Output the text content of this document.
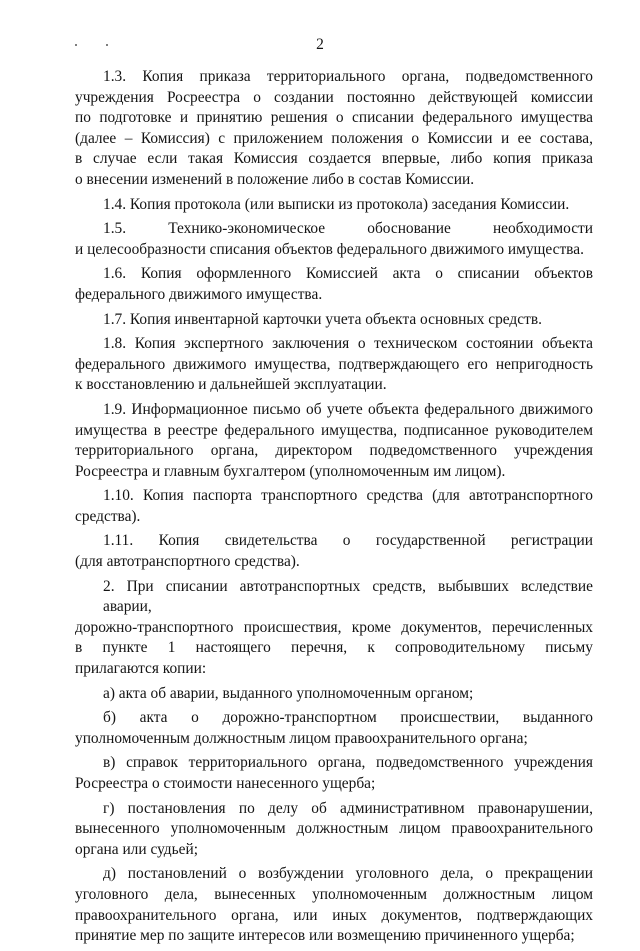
2
1.3. Копия приказа территориального органа, подведомственного
учреждения Росреестра о создании постоянно действующей комиссии
по подготовке и принятию решения о списании федерального имущества
(далее – Комиссия) с приложением положения о Комиссии и ее состава,
в случае если такая Комиссия создается впервые, либо копия приказа
о внесении изменений в положение либо в состав Комиссии.
1.4. Копия протокола (или выписки из протокола) заседания Комиссии.
1.5. Технико-экономическое обоснование необходимости
и целесообразности списания объектов федерального движимого имущества.
1.6. Копия оформленного Комиссией акта о списании объектов
федерального движимого имущества.
1.7. Копия инвентарной карточки учета объекта основных средств.
1.8. Копия экспертного заключения о техническом состоянии объекта
федерального движимого имущества, подтверждающего его непригодность
к восстановлению и дальнейшей эксплуатации.
1.9. Информационное письмо об учете объекта федерального движимого
имущества в реестре федерального имущества, подписанное руководителем
территориального органа, директором подведомственного учреждения
Росреестра и главным бухгалтером (уполномоченным им лицом).
1.10. Копия паспорта транспортного средства (для автотранспортного
средства).
1.11. Копия свидетельства о государственной регистрации
(для автотранспортного средства).
2. При списании автотранспортных средств, выбывших вследствие аварии,
дорожно-транспортного происшествия, кроме документов, перечисленных
в пункте 1 настоящего перечня, к сопроводительному письму
прилагаются копии:
а) акта об аварии, выданного уполномоченным органом;
б) акта о дорожно-транспортном происшествии, выданного
уполномоченным должностным лицом правоохранительного органа;
в) справок территориального органа, подведомственного учреждения
Росреестра о стоимости нанесенного ущерба;
г) постановления по делу об административном правонарушении,
вынесенного уполномоченным должностным лицом правоохранительного
органа или судьей;
д) постановлений о возбуждении уголовного дела, о прекращении
уголовного дела, вынесенных уполномоченным должностным лицом
правоохранительного органа, или иных документов, подтверждающих
принятие мер по защите интересов или возмещению причиненного ущерба;
